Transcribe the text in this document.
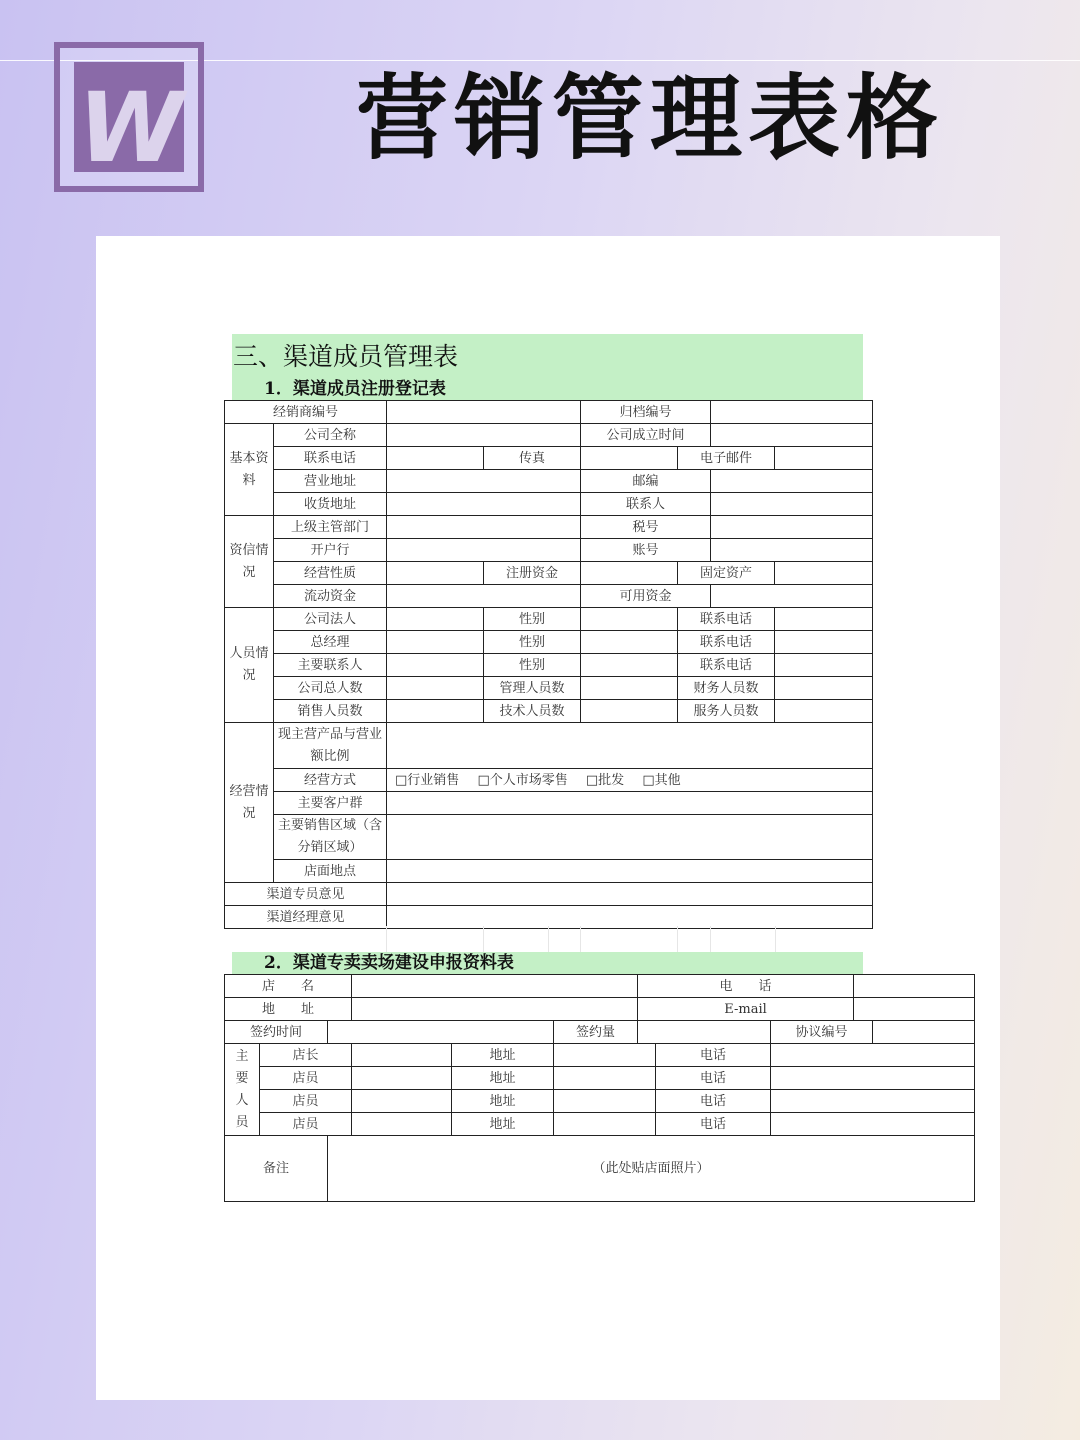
W 营销管理表格
三、渠道成员管理表
1．渠道成员注册登记表
经销商编号				归档编号			
基本资料	公司全称			公司成立时间			
	联系电话		传真		电子邮件		
	营业地址			邮编			
	收货地址			联系人			
资信情况	上级主管部门			税号			
	开户行			账号			
	经营性质		注册资金		固定资产		
	流动资金			可用资金			
人员情况	公司法人		性别		联系电话		
	总经理		性别		联系电话		
	主要联系人		性别		联系电话		
	公司总人数		管理人员数		财务人员数		
	销售人员数		技术人员数		服务人员数		
经营情况	现主营产品与营业额比例						
	经营方式	□行业销售 □个人市场零售 □批发 □其他					
	主要客户群						
	主要销售区域（含分销区域）						
	店面地点						
渠道专员意见							
渠道经理意见							
2．渠道专卖卖场建设申报资料表
店　　名						电　　话				
地　　址						E-mail				
签约时间					签约量			协议编号		
主要人员	店长			地址			电话			
	店员			地址			电话			
	店员			地址			电话			
	店员			地址			电话			
备注		（此处贴店面照片）								
